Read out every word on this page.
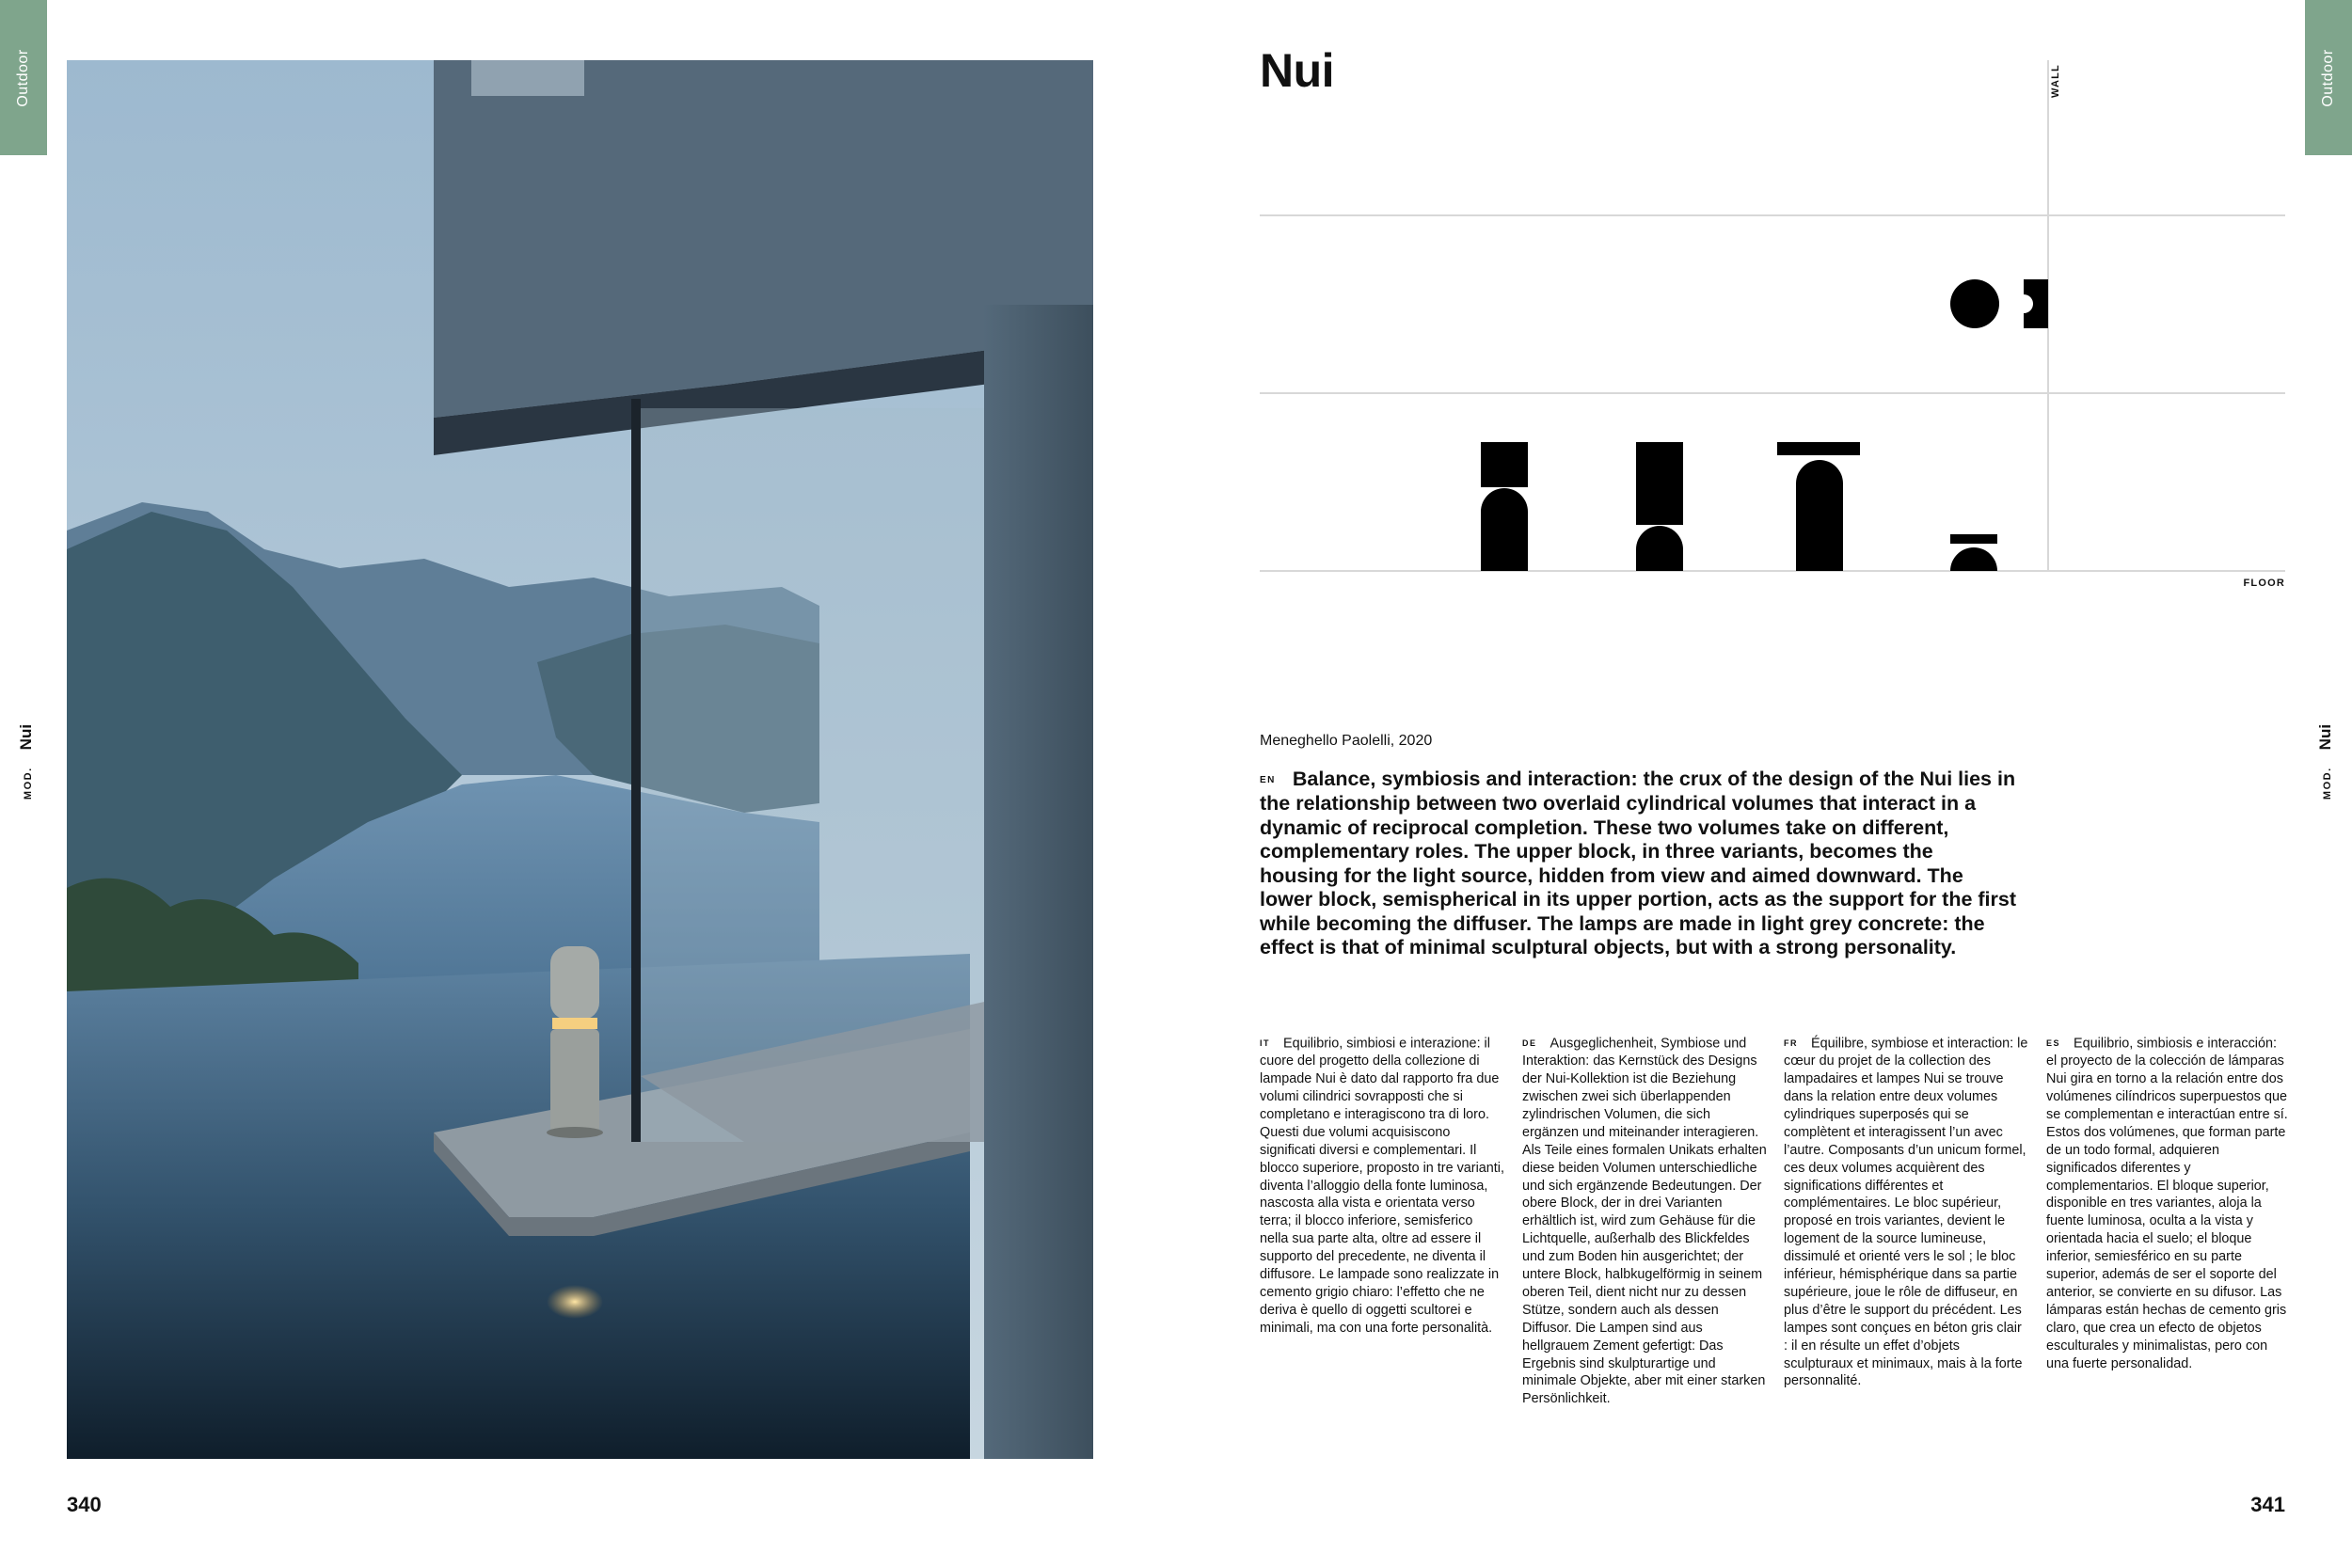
Outdoor
MOD.
Nui
340
Outdoor
MOD.
Nui
Nui	WALL
FLOOR
Meneghello Paolelli, 2020

EN Balance, symbiosis and interaction: the crux of the design of the Nui lies in the relationship between two overlaid cylindrical volumes that interact in a dynamic of reciprocal completion. These two volumes take on different, complementary roles. The upper block, in three variants, becomes the housing for the light source, hidden from view and aimed downward. The lower block, semispherical in its upper portion, acts as the support for the first while becoming the diffuser. The lamps are made in light grey concrete: the effect is that of minimal sculptural objects, but with a strong personality.

IT Equilibrio, simbiosi e interazione: il cuore del progetto della collezione di lampade Nui è dato dal rapporto fra due volumi cilindrici sovrapposti che si completano e interagiscono tra di loro. Questi due volumi acquisiscono significati diversi e complementari. Il blocco superiore, proposto in tre varianti, diventa l’alloggio della fonte luminosa, nascosta alla vista e orientata verso terra; il blocco inferiore, semisferico nella sua parte alta, oltre ad essere il supporto del precedente, ne diventa il diffusore. Le lampade sono realizzate in cemento grigio chiaro: l’effetto che ne deriva è quello di oggetti scultorei e minimali, ma con una forte personalità.

DE Ausgeglichenheit, Symbiose und Interaktion: das Kernstück des Designs der Nui-Kollektion ist die Beziehung zwischen zwei sich überlappenden zylindrischen Volumen, die sich ergänzen und miteinander interagieren. Als Teile eines formalen Unikats erhalten diese beiden Volumen unterschiedliche und sich ergänzende Bedeutungen. Der obere Block, der in drei Varianten erhältlich ist, wird zum Gehäuse für die Lichtquelle, außerhalb des Blickfeldes und zum Boden hin ausgerichtet; der untere Block, halbkugelförmig in seinem oberen Teil, dient nicht nur zu dessen Stütze, sondern auch als dessen Diffusor. Die Lampen sind aus hellgrauem Zement gefertigt: Das Ergebnis sind skulpturartige und minimale Objekte, aber mit einer starken Persönlichkeit.

FR Équilibre, symbiose et interaction: le cœur du projet de la collection des lampadaires et lampes Nui se trouve dans la relation entre deux volumes cylindriques superposés qui se complètent et interagissent l’un avec l’autre. Composants d’un unicum formel, ces deux volumes acquièrent des significations différentes et complémentaires. Le bloc supérieur, proposé en trois variantes, devient le logement de la source lumineuse, dissimulé et orienté vers le sol ; le bloc inférieur, hémisphérique dans sa partie supérieure, joue le rôle de diffuseur, en plus d’être le support du précédent. Les lampes sont conçues en béton gris clair : il en résulte un effet d’objets sculpturaux et minimaux, mais à la forte personnalité.

ES Equilibrio, simbiosis e interacción: el proyecto de la colección de lámparas Nui gira en torno a la relación entre dos volúmenes cilíndricos superpuestos que se complementan e interactúan entre sí. Estos dos volúmenes, que forman parte de un todo formal, adquieren significados diferentes y complementarios. El bloque superior, disponible en tres variantes, aloja la fuente luminosa, oculta a la vista y orientada hacia el suelo; el bloque inferior, semiesférico en su parte superior, además de ser el soporte del anterior, se convierte en su difusor. Las lámparas están hechas de cemento gris claro, que crea un efecto de objetos esculturales y minimalistas, pero con una fuerte personalidad.

341
